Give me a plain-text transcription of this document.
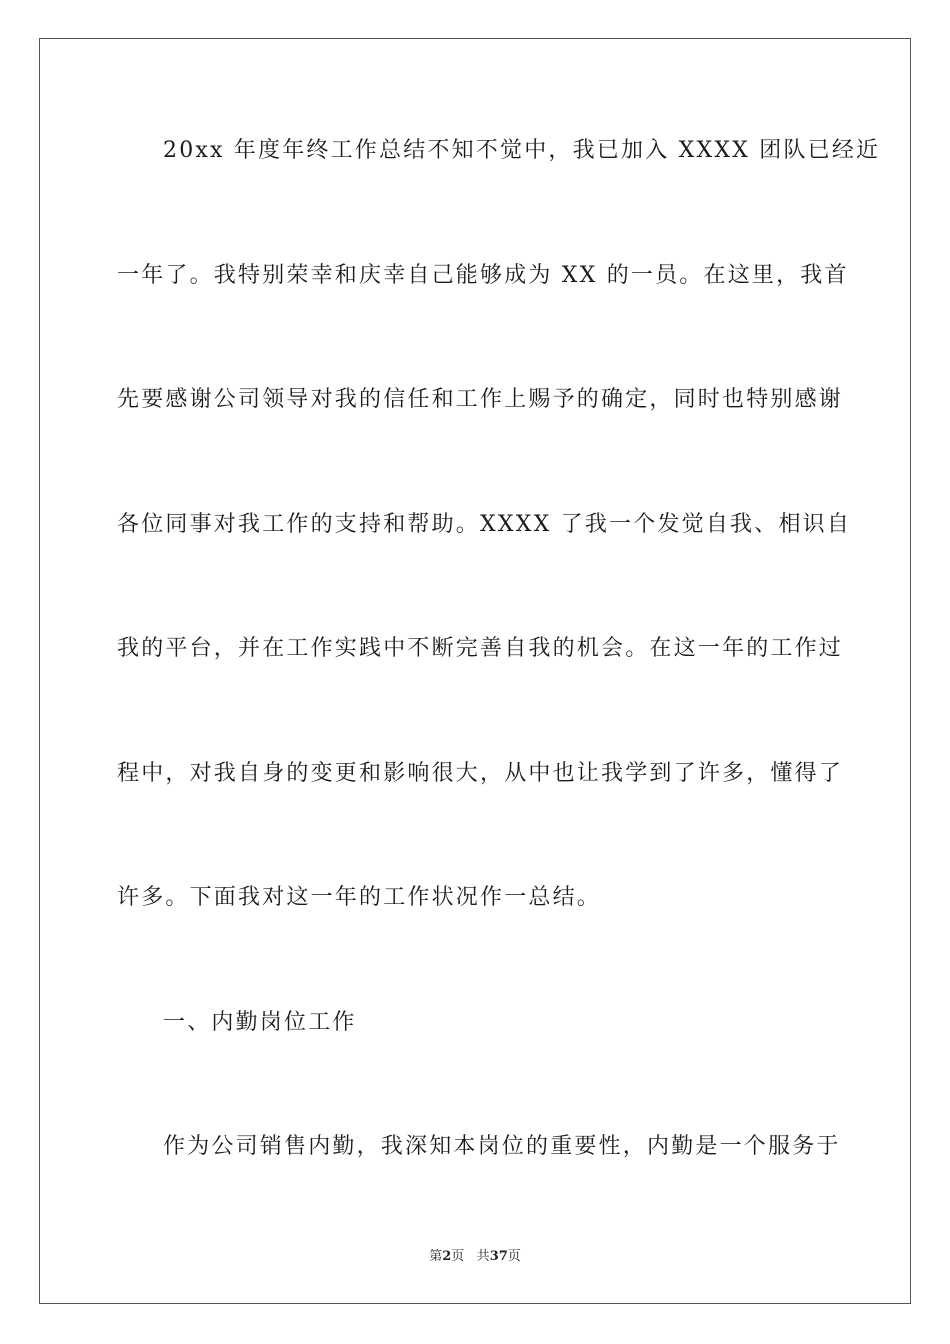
20xx 年度年终工作总结不知不觉中，我已加入 XXXX 团队已经近
一年了。我特别荣幸和庆幸自己能够成为 XX 的一员。在这里，我首
先要感谢公司领导对我的信任和工作上赐予的确定，同时也特别感谢
各位同事对我工作的支持和帮助。XXXX 了我一个发觉自我、相识自
我的平台，并在工作实践中不断完善自我的机会。在这一年的工作过
程中，对我自身的变更和影响很大，从中也让我学到了许多，懂得了
许多。下面我对这一年的工作状况作一总结。
一、内勤岗位工作
作为公司销售内勤，我深知本岗位的重要性，内勤是一个服务于
第2页 共37页
